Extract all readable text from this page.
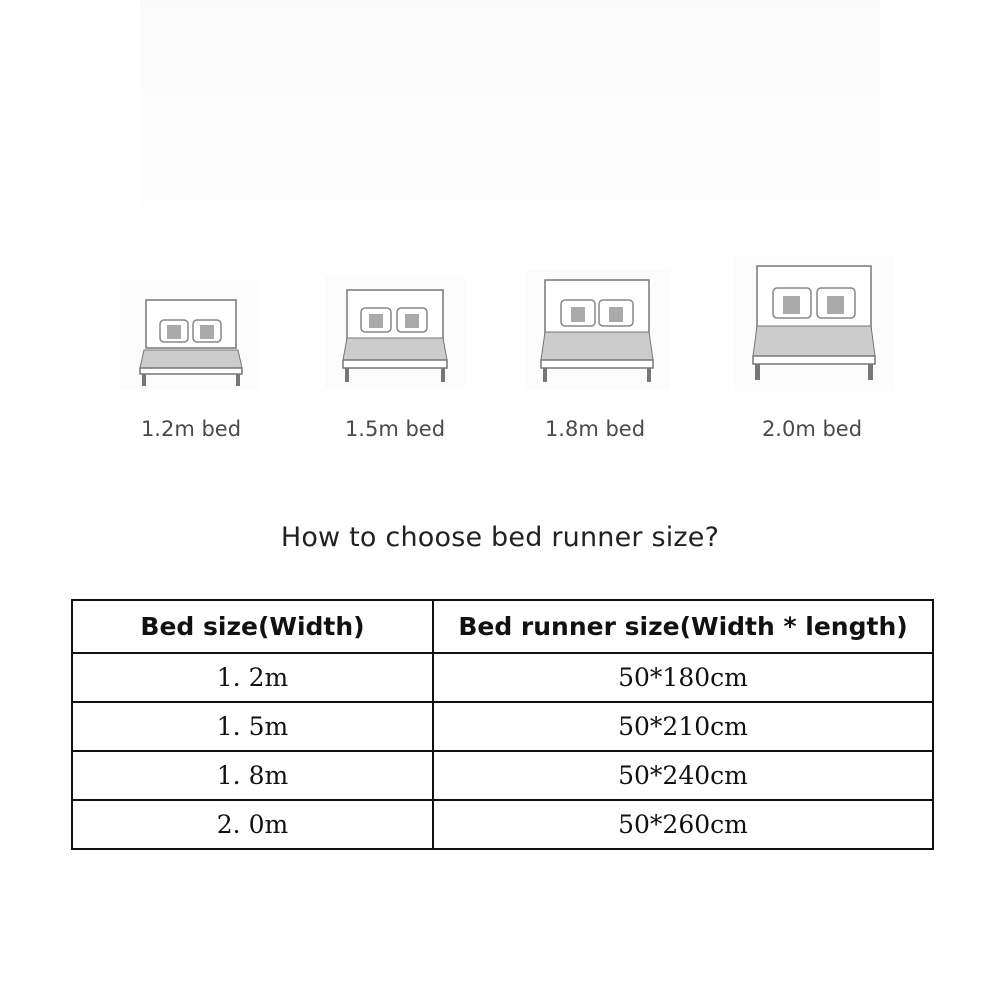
1.2m bed	1.5m bed	1.8m bed	2.0m bed
How to choose bed runner size?
Bed size(Width)	Bed runner size(Width * length)
1. 2m	50*180cm
1. 5m	50*210cm
1. 8m	50*240cm
2. 0m	50*260cm
